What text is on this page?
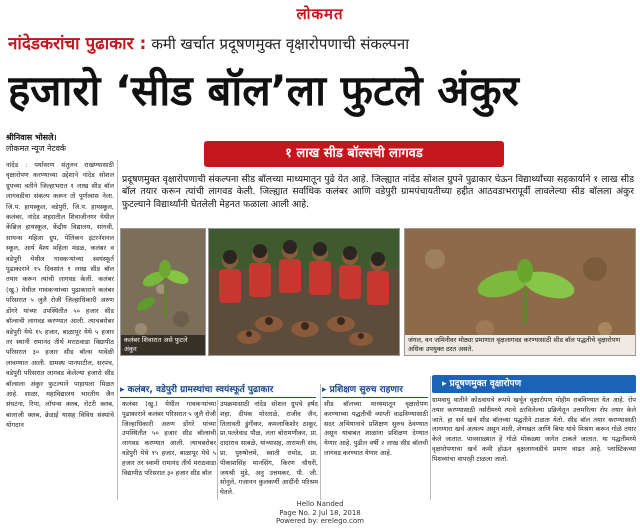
लोकमत
नांदेडकरांचा पुढाकार : कमी खर्चात प्रदूषणमुक्त वृक्षारोपणाची संकल्पना
हजारो ‘सीड बॉल’ला फुटले अंकुर
श्रीनिवास भोसले।
लोकमत न्यूज नेटवर्क	१ लाख सीड बॉल्सची लागवड
नांदेड : पर्यावरण संतुलन राखण्यासाठी वृक्षारोपण करण्याच्या उद्देशाने नांदेड सोशल ग्रुपच्या वतीने जिल्हाभरात १ लाख सीड बॉल लागवडीचा संकल्प करून तो पूर्णत्वास नेला. जि.प. हायस्कूल, वडेपुरी, जि.प. हायस्कूल, कलंबर, नांदेड शहरातील शिवाजीनगर येथील केंब्रिज हायस्कूल, केंद्रीय विद्यालय, सांगवी, सायन्स महिला ग्रुप, पेलिकन इंटरनॅशनल स्कूल, आर्य वैश्य महिला मंडळ, कलंबर व वडेपुरी येथील गावकऱ्यांच्या स्वयंस्फूर्त पुढाकाराने १५ दिवसांत १ लाख सीड बॉल तयार करून त्यांची लागवड केली. कलंबर (खु.) येथील गावकऱ्यांच्या पुढाकाराने कलंबर परिसरात ५ जुलै रोजी जिल्हाधिकारी अरुण डोंगरे यांच्या उपस्थितीत ५० हजार सीड बॉल्सची लागवड करण्यात आली. त्याचबरोबर वडेपुरी येथे १५ हजार, बाळापूर येथे ५ हजार तर स्थानी रामानंद तीर्थ मराठवाडा विद्यापीठ परिसरात ३० हजार सीड बॉल्स यावेळी लावण्यात आली. ग्रामस्थ पानपाटील, सरपंच, वडेपुरी परिसरात लागवड केलेल्या हजारो सीड बॉल्सला अंकुर फुटल्याने पाहायला मिळत आहे. शाळा, महाविद्यालय भारतीय जैन संघटना, रिपा, लॉयन्स क्लब, रोटरी क्लब, बालाजी क्लब, क्रेडाई यासह विविध संस्थांचे योगदान
प्रदूषणमुक्त वृक्षारोपणाची संकल्पना सीड बॉलच्या माध्यमातून पुढे येत आहे. जिल्ह्यात नांदेड सोशल ग्रुपने पुढाकार घेऊन विद्यार्थ्यांच्या सहकार्याने १ लाख सीड बॉल तयार करून त्यांची लागवड केली. जिल्ह्यात सर्वाधिक कलंबर आणि वडेपुरी ग्रामपंचायतीच्या हद्दीत आठवडाभरापूर्वी लावलेल्या सीड बॉलला अंकुर फुटल्याने विद्यार्थ्यांनी घेतलेली मेहनत फळाला आली आहे.
कलंबर शिवारात असे फुटले अंकुर
जंगल, वन जमिनीवर मोठ्या प्रमाणात वृक्षलागवड करण्यासाठी सीड बॉल पद्धतीचे वृक्षारोपण अधिक उपयुक्त ठरत असते.
▸ कलंबर, वडेपुरी ग्रामस्थांचा स्वयंस्फूर्त पुढाकार	▸ प्रशिक्षण सुरुच राहणार
▸ प्रदूषणमुक्त वृक्षारोपण
कलंबर (खु.) येथील गावकऱ्यांच्या पुढाकाराने कलंबर परिसरात ५ जुलै रोजी जिल्हाधिकारी अरुण डोंगरे यांच्या उपस्थितीत ५० हजार सीड बॉल्सची लागवड करण्यात आली. त्याचबरोबर वडेपुरी येथे १५ हजार, बाळापूर येथे ५ हजार तर स्वामी रामानंद तीर्थ मराठवाडा विद्यापीठ परिसरात ३० हजार सीड बॉल
उपक्रमासाठी नांदेड सोशल ग्रुपचे हर्षद शहा, दीपक मोरताळे, राजीव जैन, तिलावती डुंगीकर, कमलाकिशोर ठाकूर, प्रा.पल्लेवाड पौळ, लता बोरामणीकर, प्रा. दादाराव साबळे, यांच्यासह, तारामती संघ, प्रा. पुरुषोत्तमे, स्वाती रामोड, प्रा. पीकाशसिंह मानसिंग, किरण चौधरी, जयश्री मुंडे, अनु उत्तमकर, पी. जी. सोनुले, गजानन कुलकर्णी आदींनी परिश्रम घेतले.
सीड बॉलच्या माध्यमातून वृक्षारोपण करण्याच्या पद्धतीची व्याप्ती वाढविण्यासाठी सदर अभियानाचे प्रशिक्षण सुरुच ठेवण्यात असून याबाबत शाळांना प्रशिक्षण देण्यात येणार आहे. पुढील वर्षी २ लाख सीड बॉलची लागवड करण्यात येणार आहे.
ग्रामवायु वातीने कोठवायचे रूपये खर्चून वृक्षारोपण मोहीम राबविण्यात येत आहे. रोप तयार करण्यासाठी नर्सरीमध्ये त्याचे ठरविलेल्या प्रक्रियेतून उत्तमरित्या रोप तयार केले जाते. हा सर्व खर्च सीड बॉलच्या पद्धतीने टाळता येतो. सीड बॉल तयार करण्यासाठी लागणारा खर्च अत्यल्प असून माती, शेणखत आणि बिया यांचे मिश्रण करून गोळे तयार केले जातात. पावसाळ्यात हे गोळे मोकळ्या जागेत टाकले जातात. या पद्धतीमध्ये वृक्षारोपणाचा खर्च कमी होऊन वृक्षलागवडीचे प्रमाण वाढत आहे. प्लास्टिकच्या पिशव्यांचा वापरही टाळला जातो.
Hello Nanded
Page No. 2 Jul 18, 2018
Powered by: erelego.com
